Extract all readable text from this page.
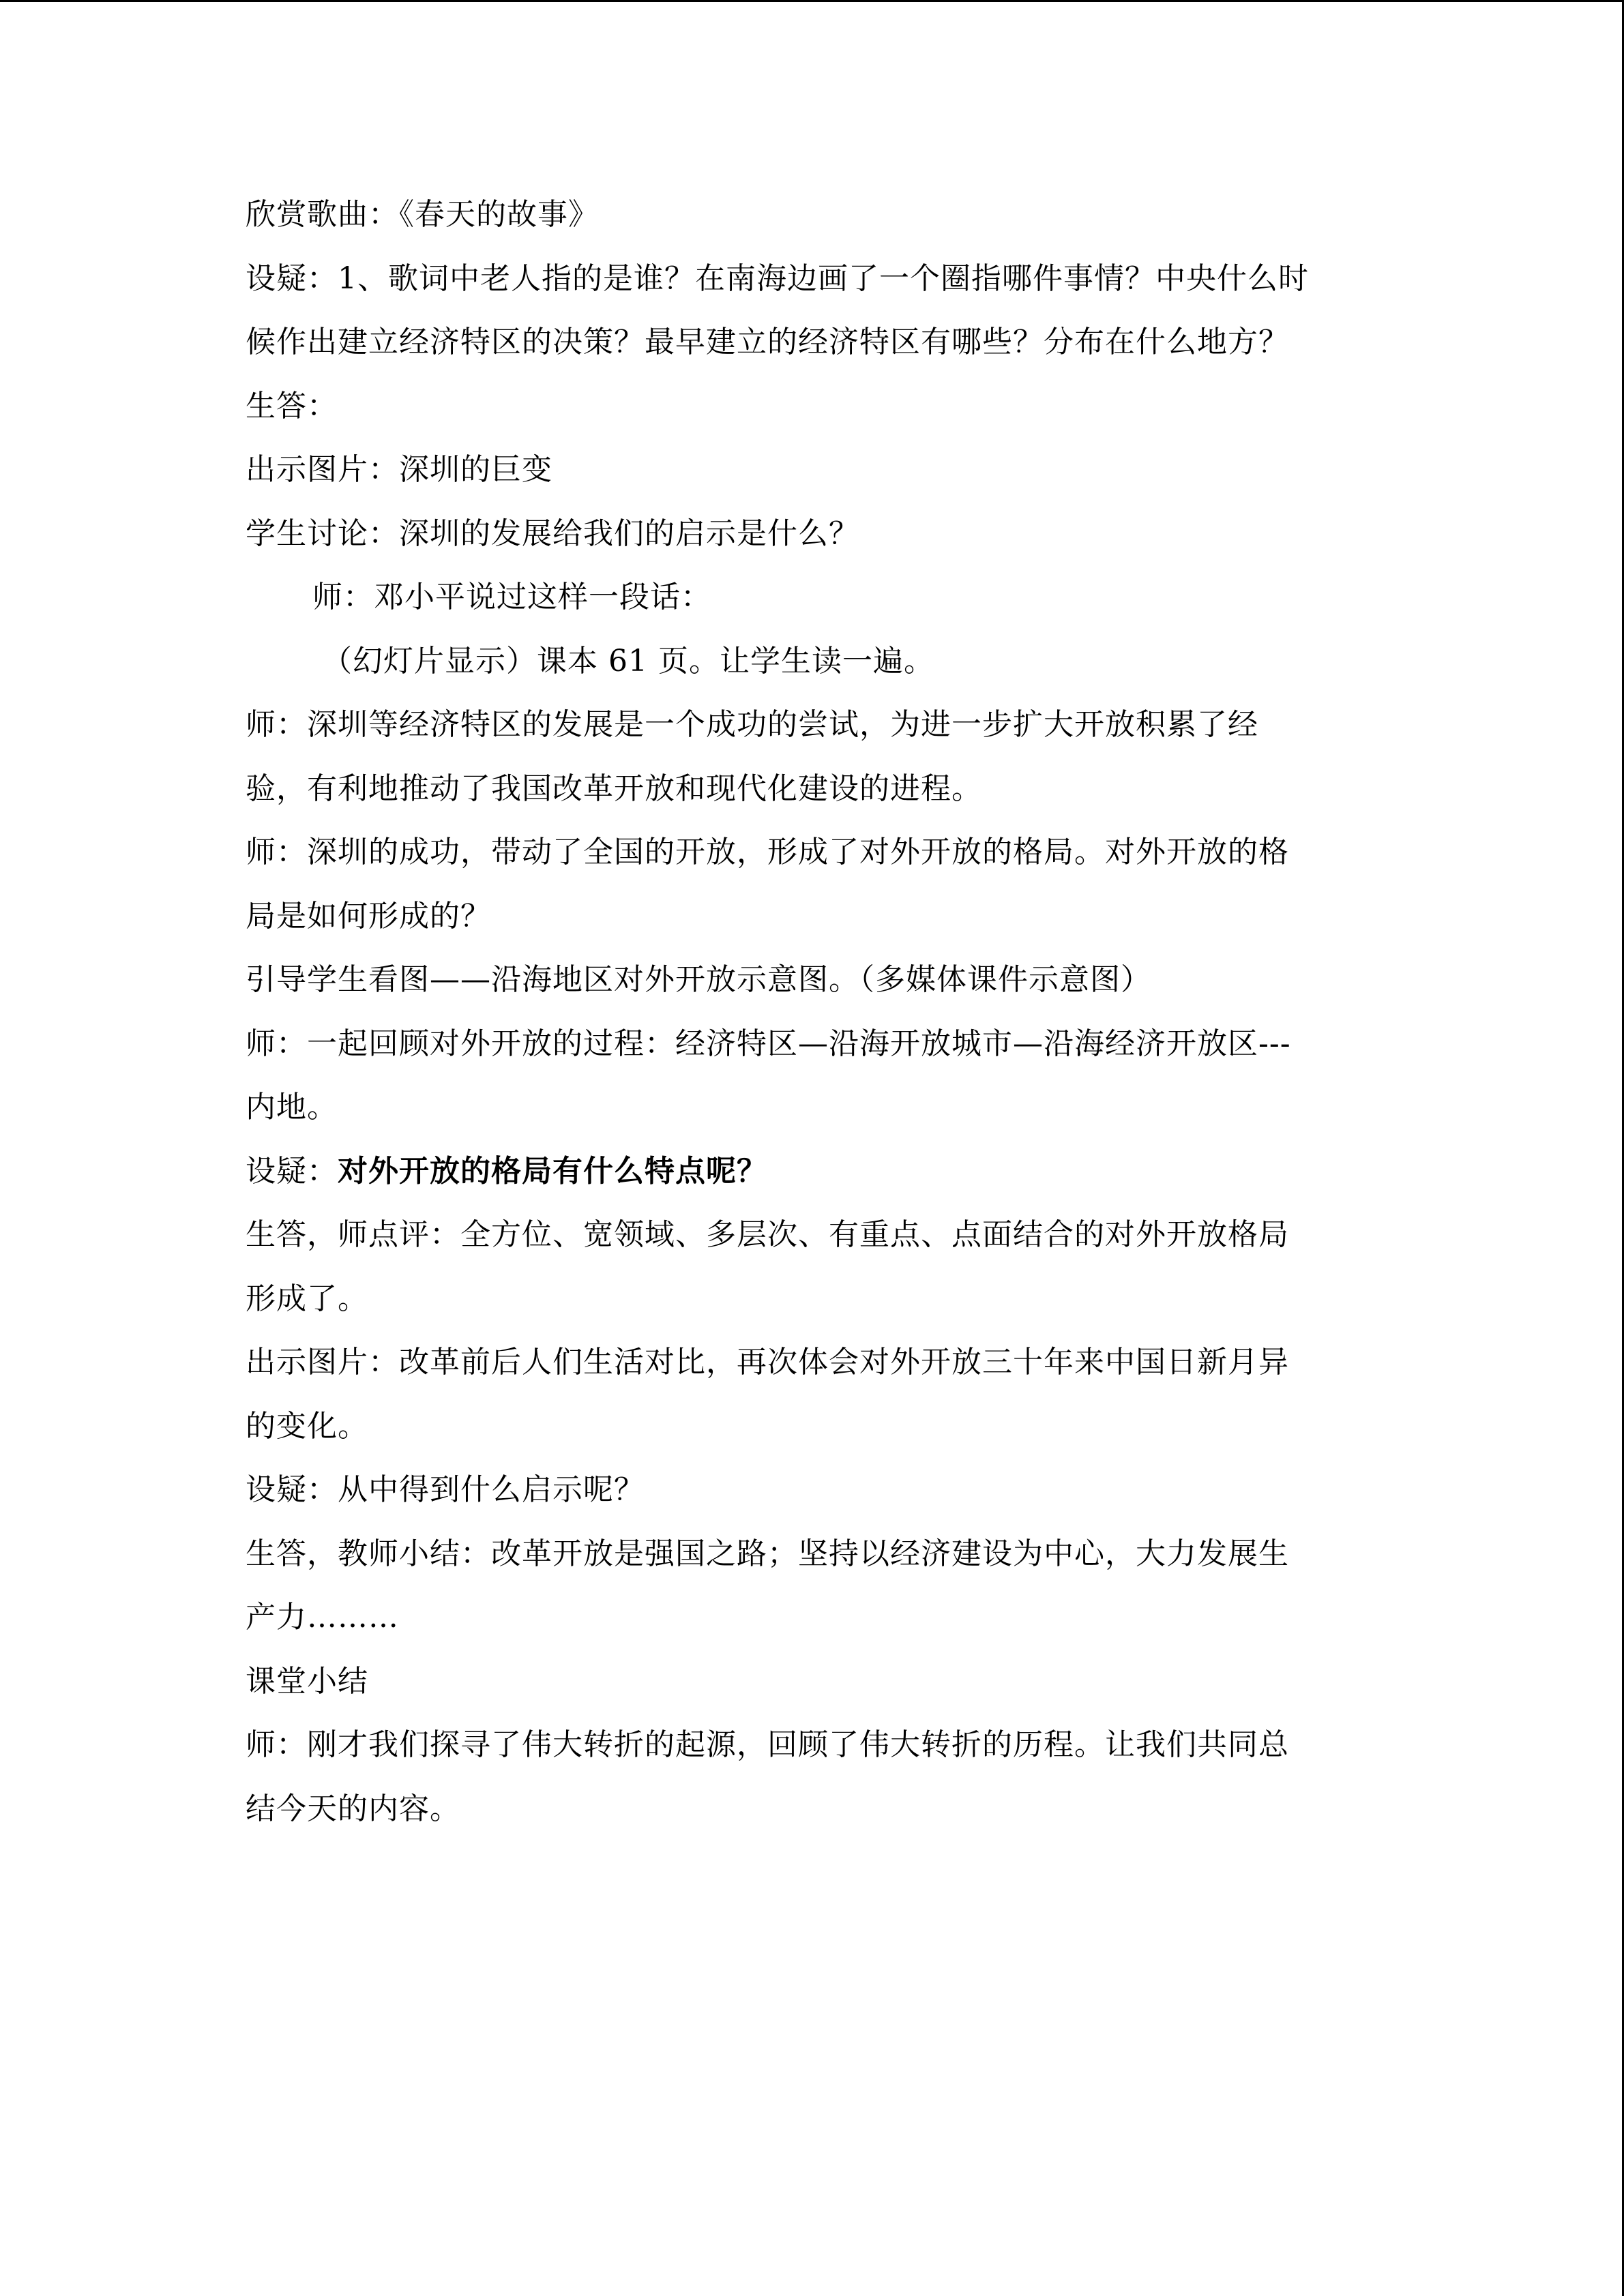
欣赏歌曲：《春天的故事》
设疑：1、歌词中老人指的是谁？在南海边画了一个圈指哪件事情？中央什么时
候作出建立经济特区的决策？最早建立的经济特区有哪些？分布在什么地方？
生答：
出示图片：深圳的巨变
学生讨论：深圳的发展给我们的启示是什么？
师：邓小平说过这样一段话：
（幻灯片显示）课本 61 页。让学生读一遍。
师：深圳等经济特区的发展是一个成功的尝试，为进一步扩大开放积累了经
验，有利地推动了我国改革开放和现代化建设的进程。
师：深圳的成功，带动了全国的开放，形成了对外开放的格局。对外开放的格
局是如何形成的？
引导学生看图——沿海地区对外开放示意图。（多媒体课件示意图）
师：一起回顾对外开放的过程：经济特区—沿海开放城市—沿海经济开放区---
内地。
设疑：对外开放的格局有什么特点呢？
生答，师点评：全方位、宽领域、多层次、有重点、点面结合的对外开放格局
形成了。
出示图片：改革前后人们生活对比，再次体会对外开放三十年来中国日新月异
的变化。
设疑：从中得到什么启示呢？
生答，教师小结：改革开放是强国之路；坚持以经济建设为中心，大力发展生
产力………
课堂小结
师：刚才我们探寻了伟大转折的起源，回顾了伟大转折的历程。让我们共同总
结今天的内容。
